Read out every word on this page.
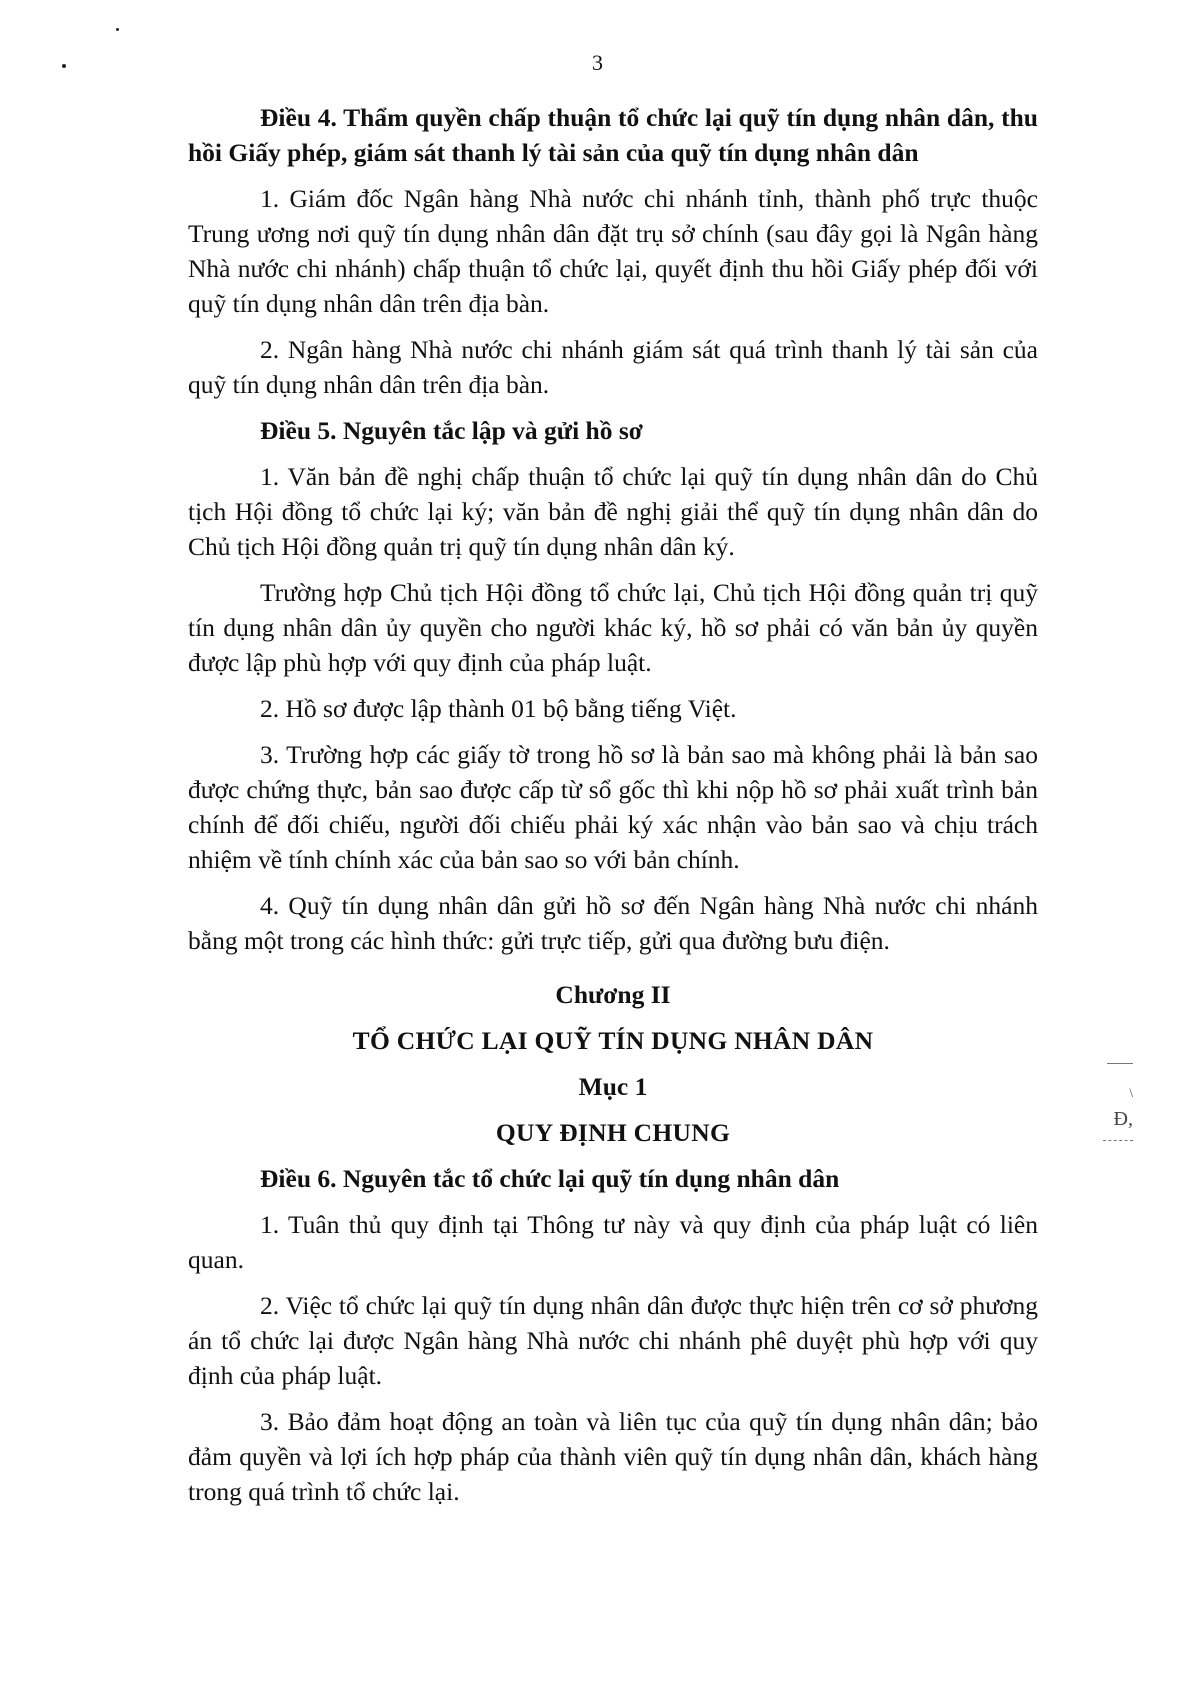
3
\
Đ,

Điều 4. Thẩm quyền chấp thuận tổ chức lại quỹ tín dụng nhân dân, thu hồi Giấy phép, giám sát thanh lý tài sản của quỹ tín dụng nhân dân

1. Giám đốc Ngân hàng Nhà nước chi nhánh tỉnh, thành phố trực thuộc Trung ương nơi quỹ tín dụng nhân dân đặt trụ sở chính (sau đây gọi là Ngân hàng Nhà nước chi nhánh) chấp thuận tổ chức lại, quyết định thu hồi Giấy phép đối với quỹ tín dụng nhân dân trên địa bàn.

2. Ngân hàng Nhà nước chi nhánh giám sát quá trình thanh lý tài sản của quỹ tín dụng nhân dân trên địa bàn.

Điều 5. Nguyên tắc lập và gửi hồ sơ

1. Văn bản đề nghị chấp thuận tổ chức lại quỹ tín dụng nhân dân do Chủ tịch Hội đồng tổ chức lại ký; văn bản đề nghị giải thể quỹ tín dụng nhân dân do Chủ tịch Hội đồng quản trị quỹ tín dụng nhân dân ký.

Trường hợp Chủ tịch Hội đồng tổ chức lại, Chủ tịch Hội đồng quản trị quỹ tín dụng nhân dân ủy quyền cho người khác ký, hồ sơ phải có văn bản ủy quyền được lập phù hợp với quy định của pháp luật.

2. Hồ sơ được lập thành 01 bộ bằng tiếng Việt.

3. Trường hợp các giấy tờ trong hồ sơ là bản sao mà không phải là bản sao được chứng thực, bản sao được cấp từ sổ gốc thì khi nộp hồ sơ phải xuất trình bản chính để đối chiếu, người đối chiếu phải ký xác nhận vào bản sao và chịu trách nhiệm về tính chính xác của bản sao so với bản chính.

4. Quỹ tín dụng nhân dân gửi hồ sơ đến Ngân hàng Nhà nước chi nhánh bằng một trong các hình thức: gửi trực tiếp, gửi qua đường bưu điện.

Chương II

TỔ CHỨC LẠI QUỸ TÍN DỤNG NHÂN DÂN

Mục 1

QUY ĐỊNH CHUNG

Điều 6. Nguyên tắc tổ chức lại quỹ tín dụng nhân dân

1. Tuân thủ quy định tại Thông tư này và quy định của pháp luật có liên quan.

2. Việc tổ chức lại quỹ tín dụng nhân dân được thực hiện trên cơ sở phương án tổ chức lại được Ngân hàng Nhà nước chi nhánh phê duyệt phù hợp với quy định của pháp luật.

3. Bảo đảm hoạt động an toàn và liên tục của quỹ tín dụng nhân dân; bảo đảm quyền và lợi ích hợp pháp của thành viên quỹ tín dụng nhân dân, khách hàng trong quá trình tổ chức lại.
